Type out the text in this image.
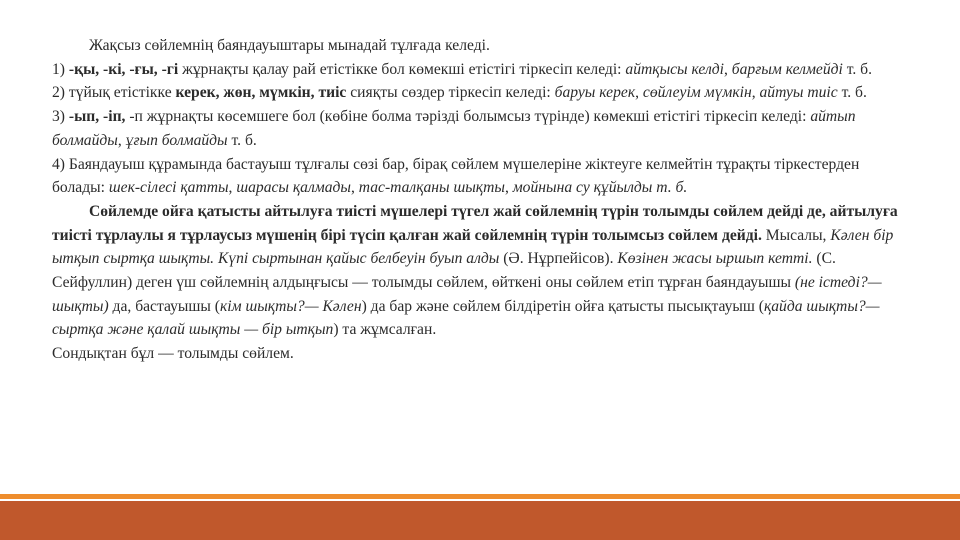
Жақсыз сөйлемнің баяндауыштары мынадай тұлғада келеді.

1) -қы, -кі, -ғы, -гі жұрнақты қалау рай етістікке бол көмекші етістігі тіркесіп келеді: айтқысы келді, барғым келмейді т. б.

2) түйық етістікке керек, жөн, мүмкін, тиіс сияқты сөздер тіркесіп келеді: баруы керек, сөйлеуім мүмкін, айтуы тиіс т. б.

3) -ып, -іп, -п жұрнақты көсемшеге бол (көбіне болма тәрізді болымсыз түрінде) көмекші етістігі тіркесіп келеді: айтып болмайды, ұғып болмайды т. б.

4) Баяндауыш құрамында бастауыш тұлғалы сөзі бар, бірақ сөйлем мүшелеріне жіктеуге келмейтін тұрақты тіркестерден болады: шек-сілесі қатты, шарасы қалмады, тас-талқаны шықты, мойнына су құйылды т. б.

Сөйлемде ойға қатысты айтылуға тиісті мүшелері түгел жай сөйлемнің түрін толымды сөйлем дейді де, айтылуға тиісті тұрлаулы я тұрлаусыз мүшенің бірі түсіп қалған жай сөйлемнің түрін толымсыз сөйлем дейді. Мысалы, Кәлен бір ытқып сыртқа шықты. Күпі сыртынан қайыс белбеуін буып алды (Ә. Нұрпейісов). Көзінен жасы ыршып кетті. (С. Сейфуллин) деген үш сөйлемнің алдыңғысы — толымды сөйлем, өйткені оны сөйлем етіп тұрған баяндауышы (не істеді?— шықты) да, бастауышы (кім шықты?— Кәлен) да бар және сөйлем білдіретін ойға қатысты пысықтауыш (қайда шықты?— сыртқа және қалай шықты — бір ытқып) та жұмсалған.

Сондықтан бұл — толымды сөйлем.
